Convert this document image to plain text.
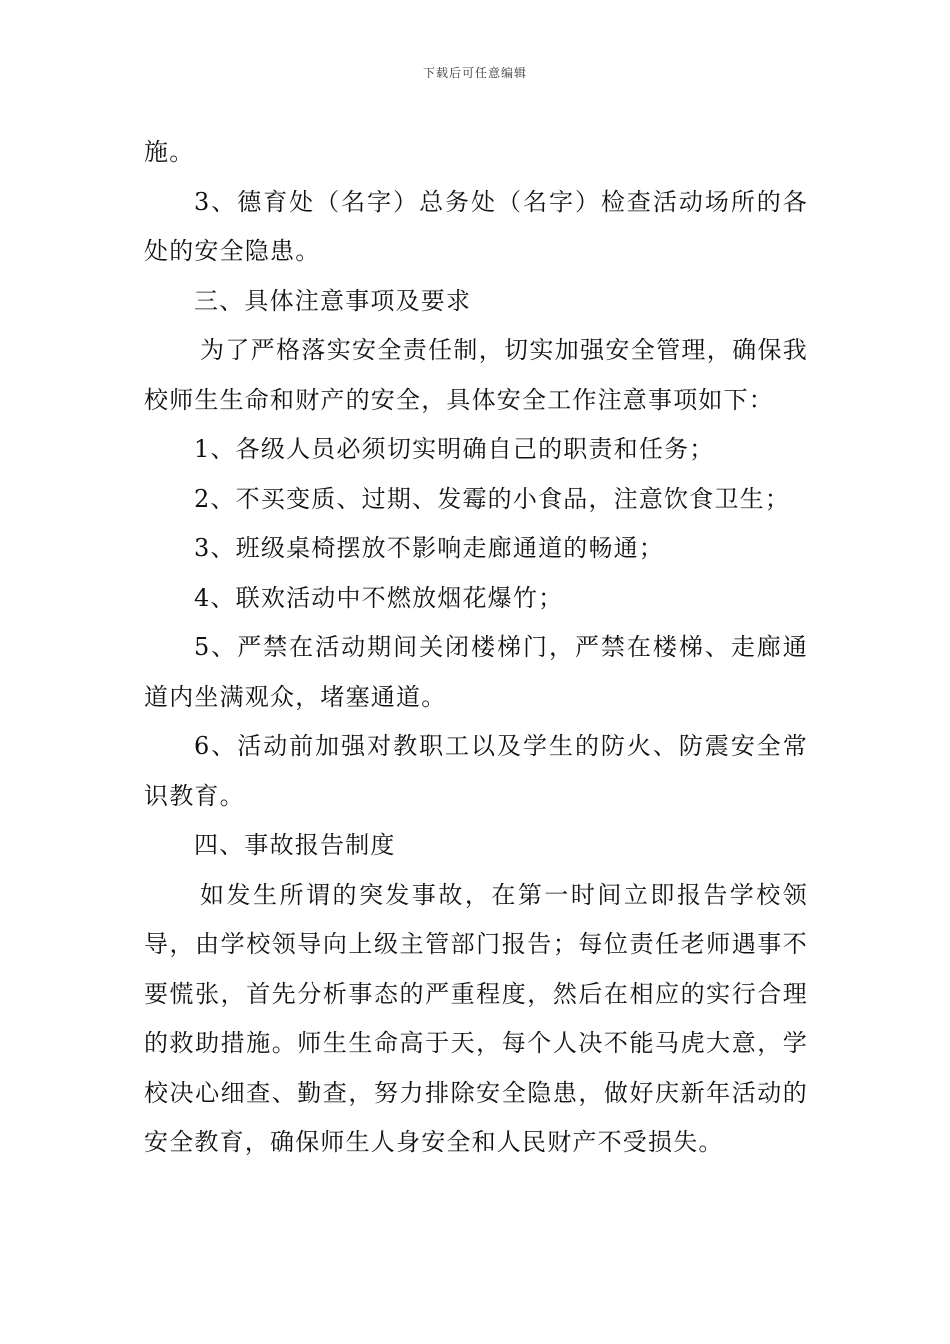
下载后可任意编辑

施。

3、德育处（名字）总务处（名字）检查活动场所的各处的安全隐患。

三、具体注意事项及要求

为了严格落实安全责任制，切实加强安全管理，确保我校师生生命和财产的安全，具体安全工作注意事项如下：

1、各级人员必须切实明确自己的职责和任务；

2、不买变质、过期、发霉的小食品，注意饮食卫生；

3、班级桌椅摆放不影响走廊通道的畅通；

4、联欢活动中不燃放烟花爆竹；

5、严禁在活动期间关闭楼梯门，严禁在楼梯、走廊通道内坐满观众，堵塞通道。

6、活动前加强对教职工以及学生的防火、防震安全常识教育。

四、事故报告制度

如发生所谓的突发事故，在第一时间立即报告学校领导，由学校领导向上级主管部门报告；每位责任老师遇事不要慌张，首先分析事态的严重程度，然后在相应的实行合理的救助措施。师生生命高于天，每个人决不能马虎大意，学校决心细查、勤查，努力排除安全隐患，做好庆新年活动的安全教育，确保师生人身安全和人民财产不受损失。
